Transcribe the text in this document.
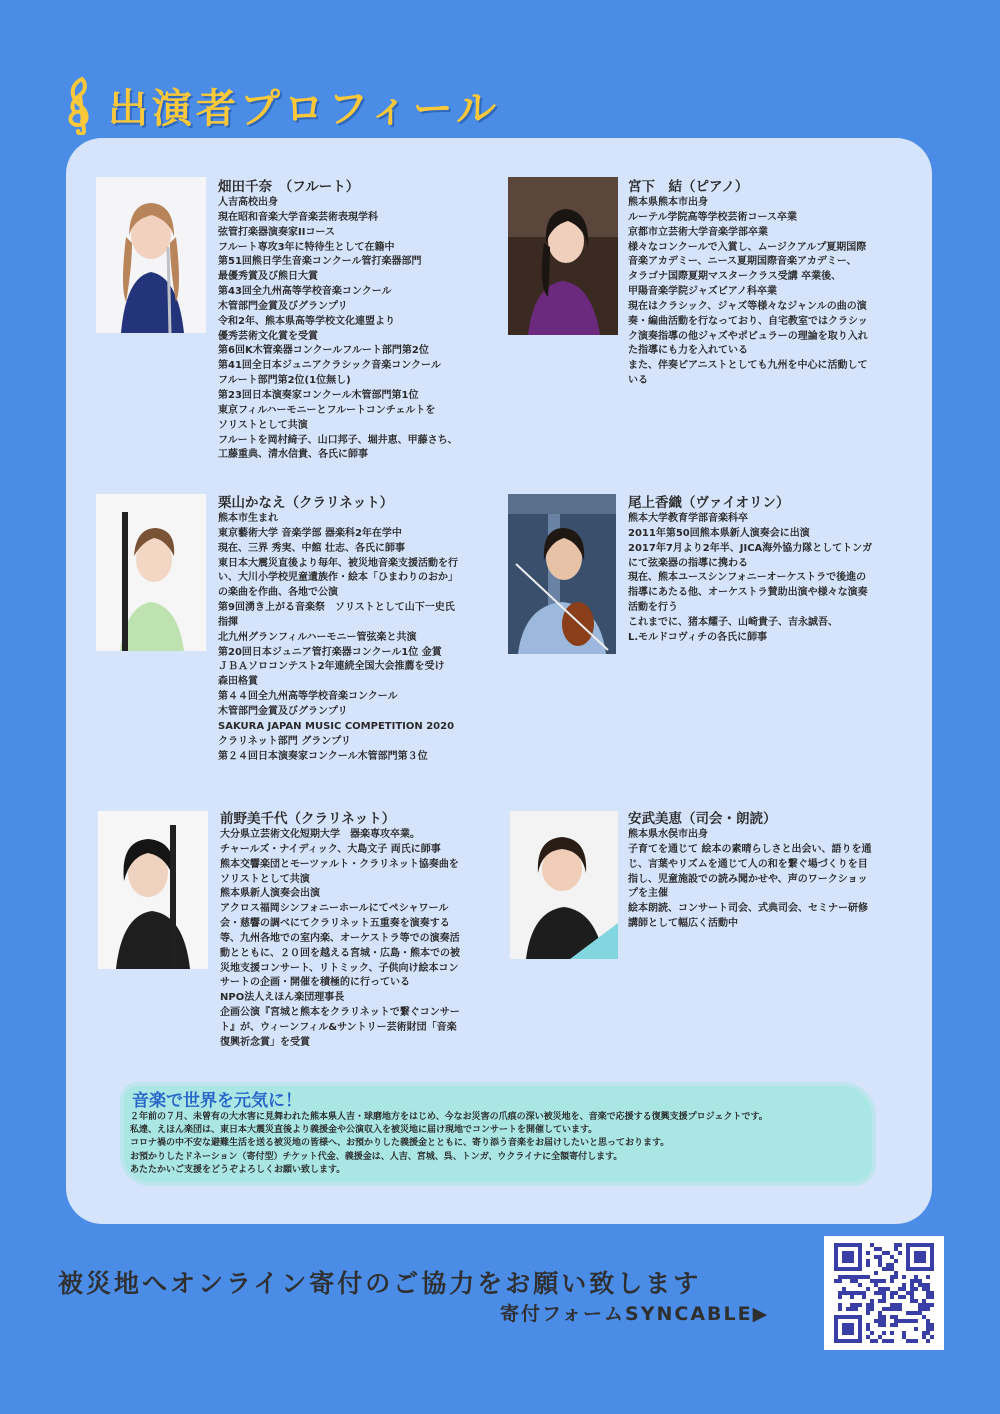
出演者プロフィール
畑田千奈　（フルート）
人吉高校出身
現在昭和音楽大学音楽芸術表現学科
弦管打楽器演奏家IIコース
フルート専攻3年に特待生として在籍中
第51回熊日学生音楽コンクール管打楽器部門
最優秀賞及び熊日大賞
第43回全九州高等学校音楽コンクール
木管部門金賞及びグランプリ
令和2年、熊本県高等学校文化連盟より
優秀芸術文化賞を受賞
第6回K木管楽器コンクールフルート部門第2位
第41回全日本ジュニアクラシック音楽コンクール
フルート部門第2位(1位無し)
第23回日本演奏家コンクール木管部門第1位
東京フィルハーモニーとフルートコンチェルトを
ソリストとして共演
フルートを岡村綺子、山口邦子、堀井恵、甲藤さち、
工藤重典、清水信貴、各氏に師事
宮下　結（ピアノ）
熊本県熊本市出身
ルーテル学院高等学校芸術コース卒業
京都市立芸術大学音楽学部卒業
様々なコンクールで入賞し、ムージクアルプ夏期国際
音楽アカデミー、ニース夏期国際音楽アカデミー、
タラゴナ国際夏期マスタークラス受講 卒業後、
甲陽音楽学院ジャズピアノ科卒業
現在はクラシック、ジャズ等様々なジャンルの曲の演
奏・編曲活動を行なっており、自宅教室ではクラシッ
ク演奏指導の他ジャズやポピュラーの理論を取り入れ
た指導にも力を入れている
また、伴奏ピアニストとしても九州を中心に活動して
いる
栗山かなえ（クラリネット）
熊本市生まれ
東京藝術大学 音楽学部 器楽科2年在学中
現在、三界 秀実、中館 壮志、各氏に師事
東日本大震災直後より毎年、被災地音楽支援活動を行
い、大川小学校児童遺族作・絵本「ひまわりのおか」
の楽曲を作曲、各地で公演
第9回湧き上がる音楽祭　ソリストとして山下一史氏
指揮
北九州グランフィルハーモニー管弦楽と共演
第20回日本ジュニア管打楽器コンクール1位 金賞
ＪＢＡソロコンテスト2年連続全国大会推薦を受け
森田格賞
第４４回全九州高等学校音楽コンクール
木管部門金賞及びグランプリ
SAKURA JAPAN MUSIC COMPETITION 2020
クラリネット部門 グランプリ
第２４回日本演奏家コンクール木管部門第３位
尾上香織（ヴァイオリン）
熊本大学教育学部音楽科卒
2011年第50回熊本県新人演奏会に出演
2017年7月より2年半、JICA海外協力隊としてトンガ
にて弦楽器の指導に携わる
現在、熊本ユースシンフォニーオーケストラで後進の
指導にあたる他、オーケストラ賛助出演や様々な演奏
活動を行う
これまでに、猪本耀子、山崎貴子、吉永誠吾、
L.モルドコヴィチの各氏に師事
前野美千代（クラリネット）
大分県立芸術文化短期大学　器楽専攻卒業。
チャールズ・ナイディック、大島文子 両氏に師事
熊本交響楽団とモーツァルト・クラリネット協奏曲を
ソリストとして共演
熊本県新人演奏会出演
アクロス福岡シンフォニーホールにてペシャワール
会・慈響の調べにてクラリネット五重奏を演奏する
等、九州各地での室内楽、オーケストラ等での演奏活
動とともに、２０回を越える宮城・広島・熊本での被
災地支援コンサート、リトミック、子供向け絵本コン
サートの企画・開催を積極的に行っている
NPO法人えほん楽団理事長
企画公演『宮城と熊本をクラリネットで繋ぐコンサー
ト』が、ウィーンフィル&サントリー芸術財団「音楽
復興祈念賞」を受賞
安武美恵（司会・朗読）
熊本県水俣市出身
子育てを通じて 絵本の素晴らしさと出会い、語りを通
じ、言葉やリズムを通じて人の和を繋ぐ場づくりを目
指し、児童施設での読み聞かせや、声のワークショッ
プを主催
絵本朗読、コンサート司会、式典司会、セミナー研修
講師として幅広く活動中
音楽で世界を元気に！
２年前の７月、未曾有の大水害に見舞われた熊本県人吉・球磨地方をはじめ、今なお災害の爪痕の深い被災地を、音楽で応援する復興支援プロジェクトです。
私達、えほん楽団は、東日本大震災直後より義援金や公演収入を被災地に届け現地でコンサートを開催しています。
コロナ禍の中不安な避難生活を送る被災地の皆様へ、お預かりした義援金とともに、寄り添う音楽をお届けしたいと思っております。
お預かりしたドネーション（寄付型）チケット代金、義援金は、人吉、宮城、呉、トンガ、ウクライナに全額寄付します。
あたたかいご支援をどうぞよろしくお願い致します。
被災地へオンライン寄付のご協力をお願い致します
寄付フォームSYNCABLE▶
